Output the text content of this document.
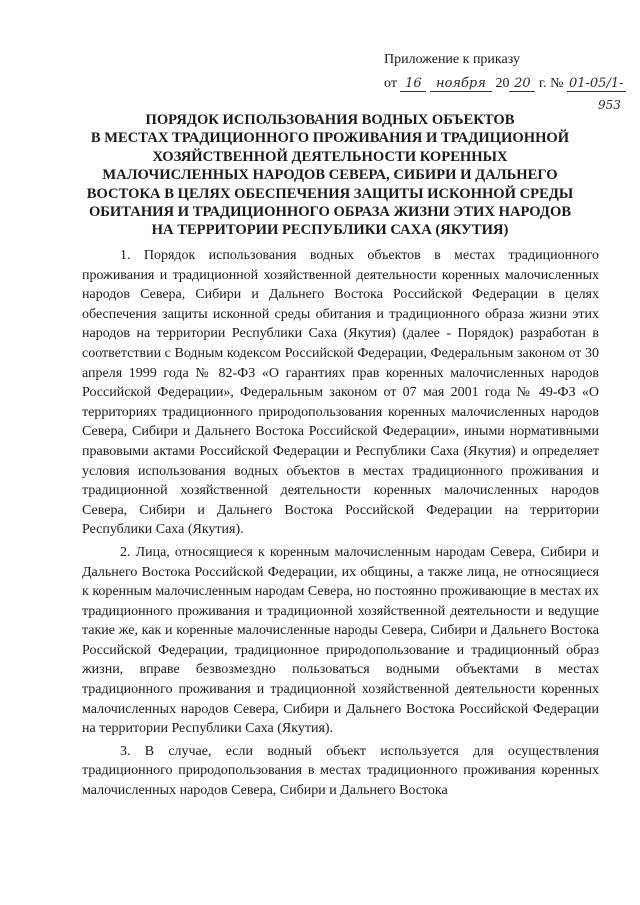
Приложение к приказу
от 16 ноября 20 20 г. № 01-05/1-
953
ПОРЯДОК ИСПОЛЬЗОВАНИЯ ВОДНЫХ ОБЪЕКТОВ
В МЕСТАХ ТРАДИЦИОННОГО ПРОЖИВАНИЯ И ТРАДИЦИОННОЙ
ХОЗЯЙСТВЕННОЙ ДЕЯТЕЛЬНОСТИ КОРЕННЫХ
МАЛОЧИСЛЕННЫХ НАРОДОВ СЕВЕРА, СИБИРИ И ДАЛЬНЕГО
ВОСТОКА В ЦЕЛЯХ ОБЕСПЕЧЕНИЯ ЗАЩИТЫ ИСКОННОЙ СРЕДЫ
ОБИТАНИЯ И ТРАДИЦИОННОГО ОБРАЗА ЖИЗНИ ЭТИХ НАРОДОВ
НА ТЕРРИТОРИИ РЕСПУБЛИКИ САХА (ЯКУТИЯ)

1. Порядок использования водных объектов в местах традиционного проживания и традиционной хозяйственной деятельности коренных малочисленных народов Севера, Сибири и Дальнего Востока Российской Федерации в целях обеспечения защиты исконной среды обитания и традиционного образа жизни этих народов на территории Республики Саха (Якутия) (далее - Порядок) разработан в соответствии с Водным кодексом Российской Федерации, Федеральным законом от 30 апреля 1999 года № 82-ФЗ «О гарантиях прав коренных малочисленных народов Российской Федерации», Федеральным законом от 07 мая 2001 года № 49-ФЗ «О территориях традиционного природопользования коренных малочисленных народов Севера, Сибири и Дальнего Востока Российской Федерации», иными нормативными правовыми актами Российской Федерации и Республики Саха (Якутия) и определяет условия использования водных объектов в местах традиционного проживания и традиционной хозяйственной деятельности коренных малочисленных народов Севера, Сибири и Дальнего Востока Российской Федерации на территории Республики Саха (Якутия).

2. Лица, относящиеся к коренным малочисленным народам Севера, Сибири и Дальнего Востока Российской Федерации, их общины, а также лица, не относящиеся к коренным малочисленным народам Севера, но постоянно проживающие в местах их традиционного проживания и традиционной хозяйственной деятельности и ведущие такие же, как и коренные малочисленные народы Севера, Сибири и Дальнего Востока Российской Федерации, традиционное природопользование и традиционный образ жизни, вправе безвозмездно пользоваться водными объектами в местах традиционного проживания и традиционной хозяйственной деятельности коренных малочисленных народов Севера, Сибири и Дальнего Востока Российской Федерации на территории Республики Саха (Якутия).

3. В случае, если водный объект используется для осуществления традиционного природопользования в местах традиционного проживания коренных малочисленных народов Севера, Сибири и Дальнего Востока
